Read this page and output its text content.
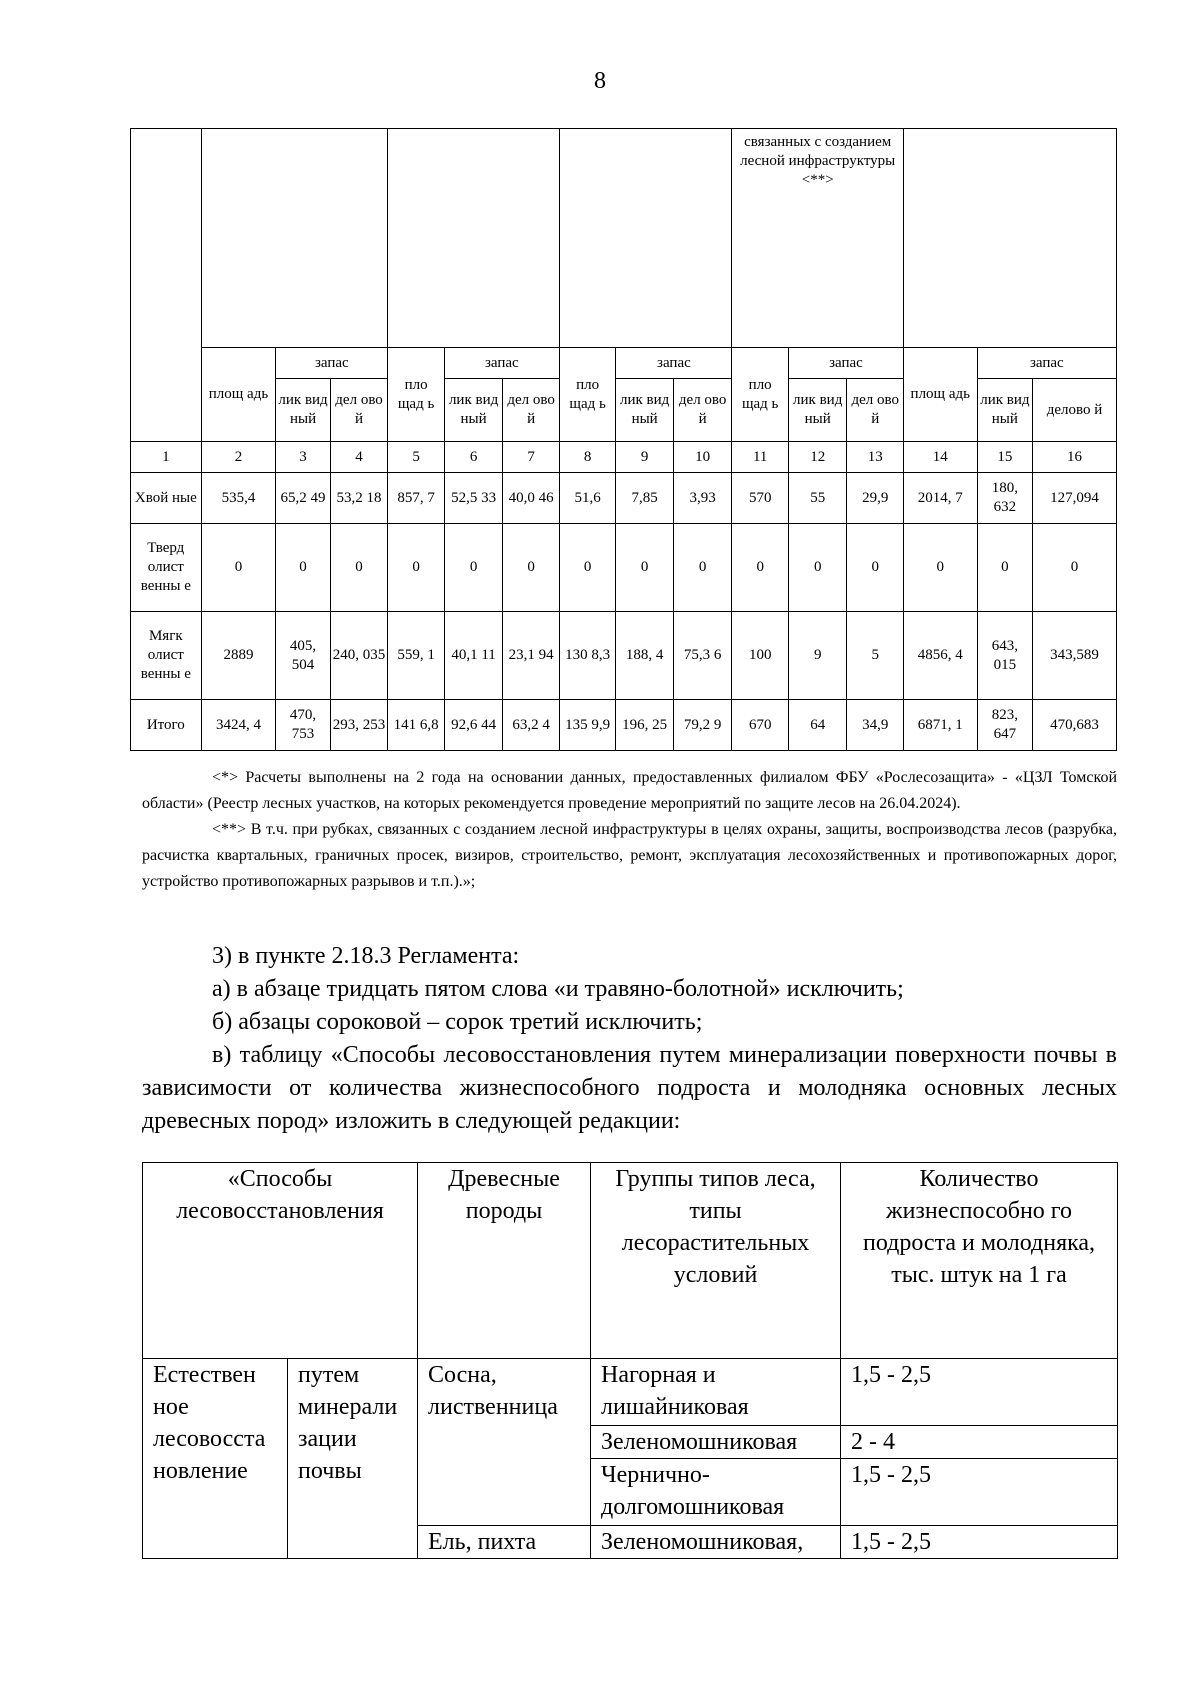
8

										связанных с созданием лесной инфраструктуры <**>					

	площ адь	запас		пло щад ь	запас		пло щад ь	запас		пло щад ь	запас		площ адь	запас	
		лик вид ный	дел ово й		лик вид ный	дел ово й		лик вид ный	дел ово й		лик вид ный	дел ово й		лик вид ный	делово й
1	2	3	4	5	6	7	8	9	10	11	12	13	14	15	16
Хвой ные	535,4	65,2 49	53,2 18	857, 7	52,5 33	40,0 46	51,6	7,85	3,93	570	55	29,9	2014, 7	180, 632	127,094
Тверд олист венны е	0	0	0	0	0	0	0	0	0	0	0	0	0	0	0
Мягк олист венны е	2889	405, 504	240, 035	559, 1	40,1 11	23,1 94	130 8,3	188, 4	75,3 6	100	9	5	4856, 4	643, 015	343,589
Итого	3424, 4	470, 753	293, 253	141 6,8	92,6 44	63,2 4	135 9,9	196, 25	79,2 9	670	64	34,9	6871, 1	823, 647	470,683

<*> Расчеты выполнены на 2 года на основании данных, предоставленных филиалом ФБУ «Рослесозащита» - «ЦЗЛ Томской области» (Реестр лесных участков, на которых рекомендуется проведение мероприятий по защите лесов на 26.04.2024).

<**> В т.ч. при рубках, связанных с созданием лесной инфраструктуры в целях охраны, защиты, воспроизводства лесов (разрубка, расчистка квартальных, граничных просек, визиров, строительство, ремонт, эксплуатация лесохозяйственных и противопожарных дорог, устройство противопожарных разрывов и т.п.).»;

3) в пункте 2.18.3 Регламента:

а) в абзаце тридцать пятом слова «и травяно-болотной» исключить;

б) абзацы сороковой – сорок третий исключить;

в) таблицу «Способы лесовосстановления путем минерализации поверхности почвы в зависимости от количества жизнеспособного подроста и молодняка основных лесных древесных пород» изложить в следующей редакции:

«Способы лесовосстановления		Древесные породы	Группы типов леса, типы лесорастительных условий	Количество жизнеспособно го подроста и молодняка, тыс. штук на 1 га
Естествен ное лесовосста новление	путем минерали зации почвы	Сосна, лиственница	Нагорная и лишайниковая	1,5 - 2,5
			Зеленомошниковая	2 - 4
			Чернично-долгомошниковая	1,5 - 2,5
		Ель, пихта	Зеленомошниковая,	1,5 - 2,5
